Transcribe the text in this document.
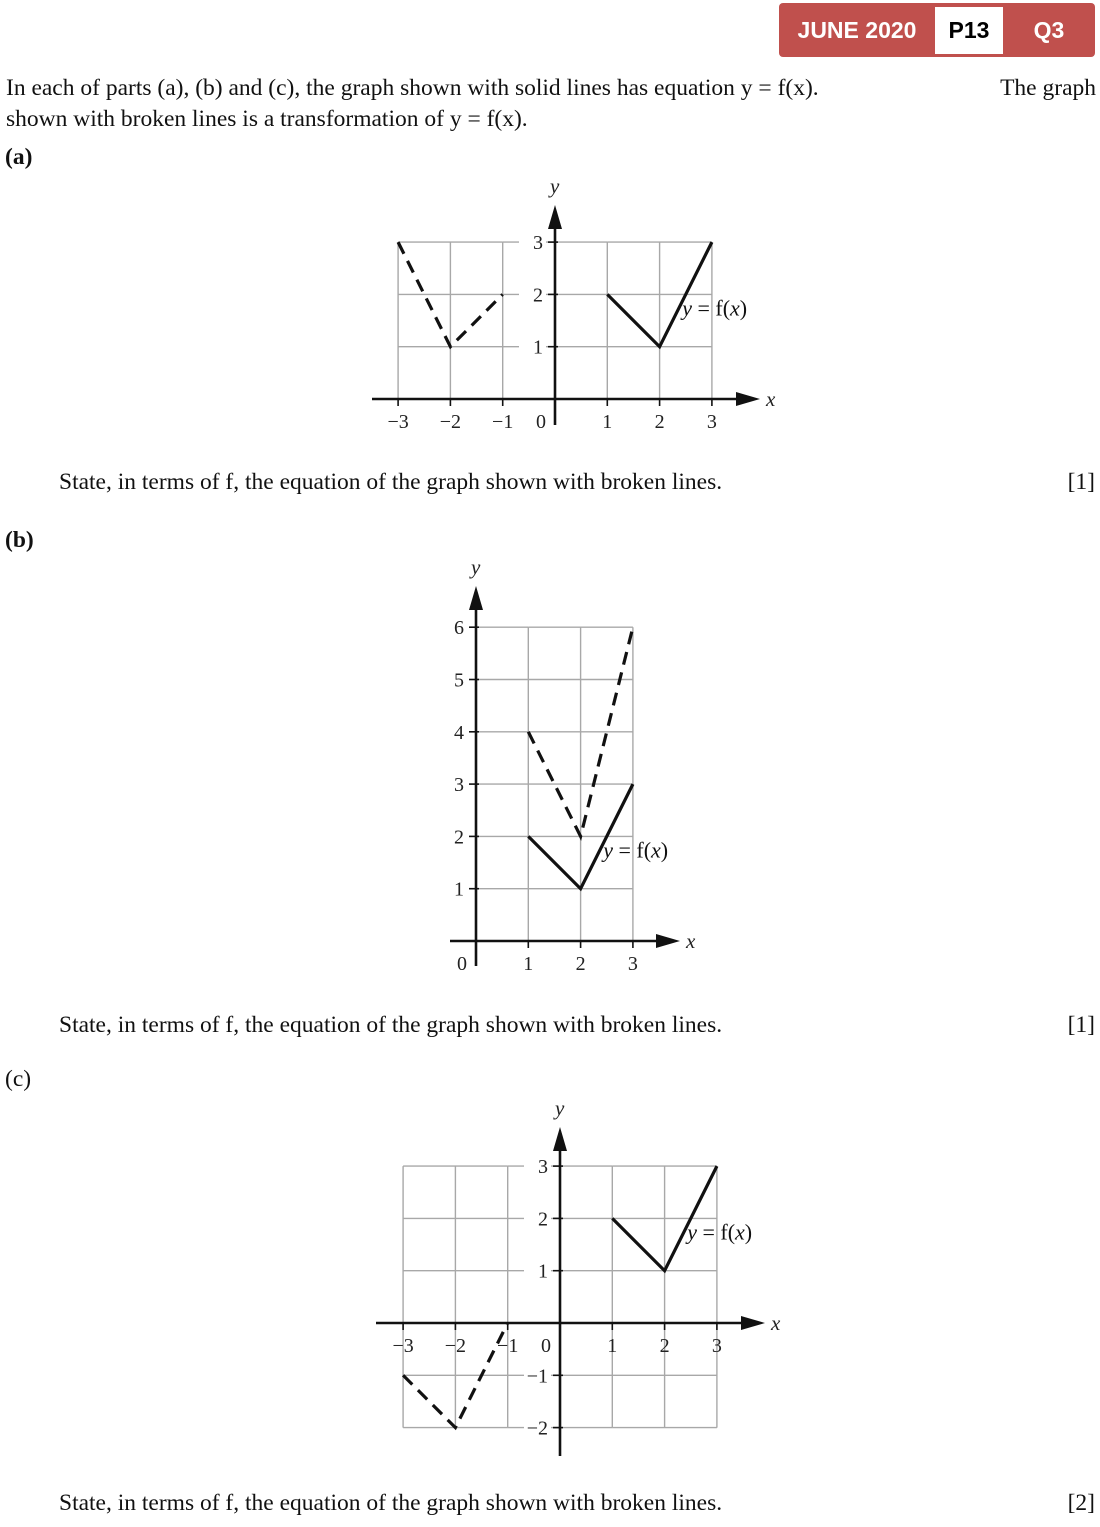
JUNE 2020	P13	Q3
In each of parts (a), (b) and (c), the graph shown with solid lines has equation y = f(x).	The graph
shown with broken lines is a transformation of y = f(x).
(a)
x
y
−3 −2 −1 0	1 2 3
1
2
3
y = f(x)
State, in terms of f, the equation of the graph shown with broken lines.	[1]
(b)
x
y
0	1 2 3
1
2
3
4
5
6
y = f(x)
State, in terms of f, the equation of the graph shown with broken lines.	[1]
(c)
x
y
−3 −2 −1 0	1 2 3
−2
−1
1
2
3
y = f(x)
State, in terms of f, the equation of the graph shown with broken lines.	[2]
